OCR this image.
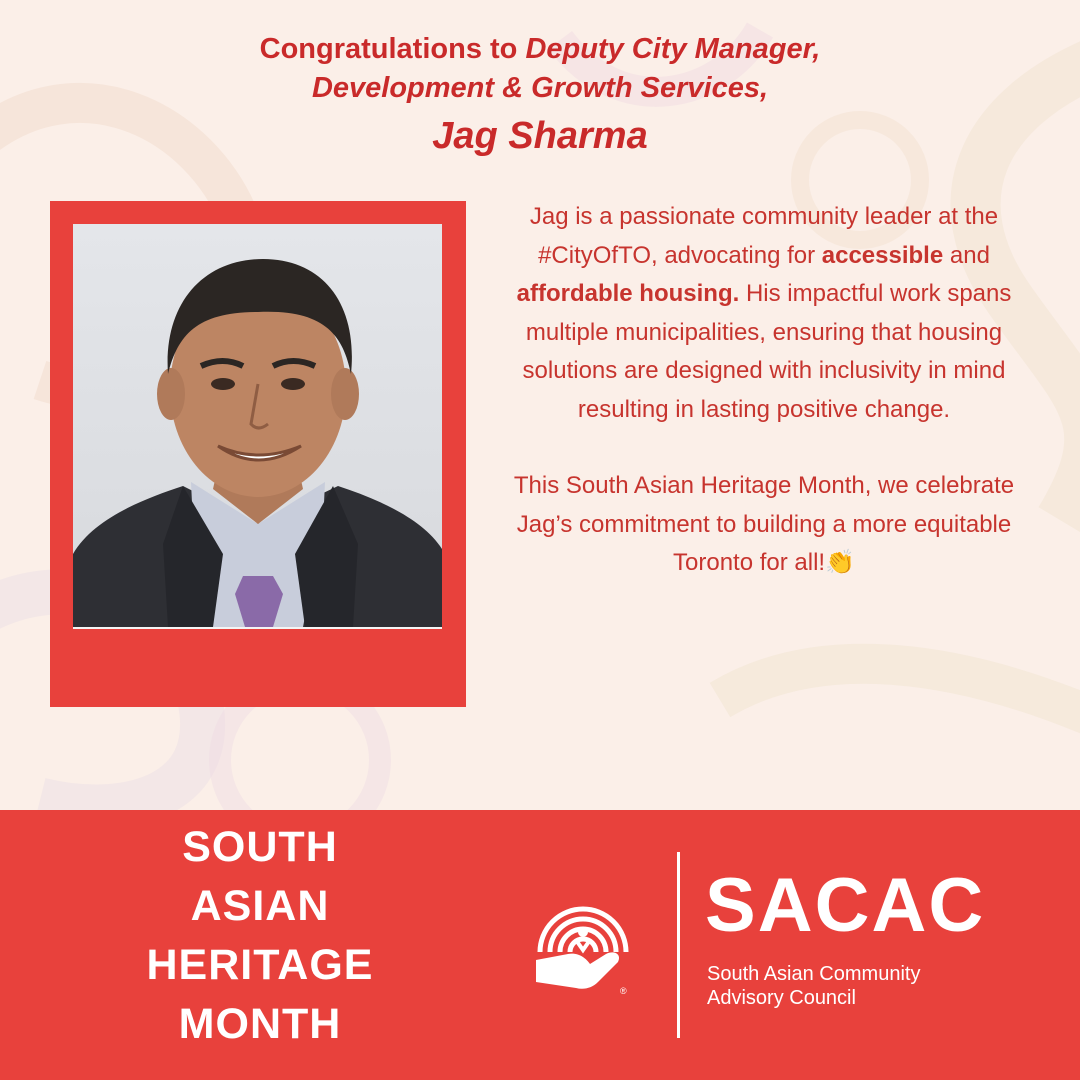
Congratulations to Deputy City Manager,
Development & Growth Services,
Jag Sharma

Jag is a passionate community leader at the #CityOfTO, advocating for accessible and affordable housing. His impactful work spans multiple municipalities, ensuring that housing solutions are designed with inclusivity in mind resulting in lasting positive change.

This South Asian Heritage Month, we celebrate Jag’s commitment to building a more equitable Toronto for all!👏

SOUTH
ASIAN
HERITAGE
MONTH
®
SACAC
South Asian Community
Advisory Council
